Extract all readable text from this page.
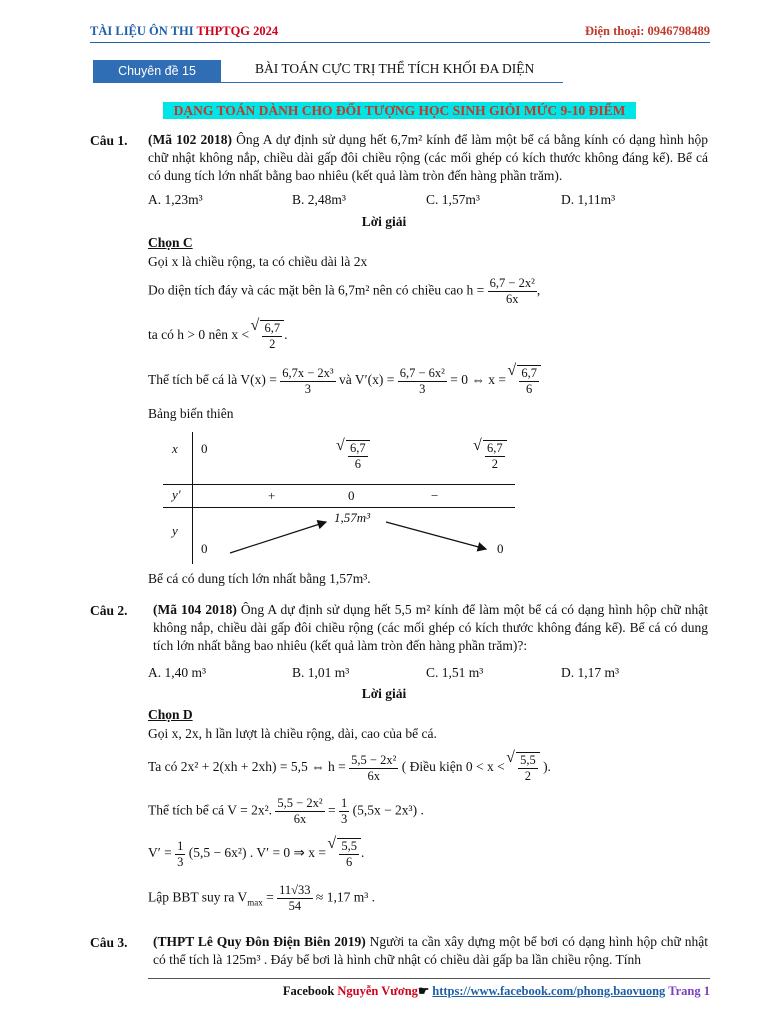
TÀI LIỆU ÔN THI THPTQG 2024	Điện thoại: 0946798489
Chuyên đề 15	BÀI TOÁN CỰC TRỊ THỂ TÍCH KHỐI ĐA DIỆN
DẠNG TOÁN DÀNH CHO ĐỐI TƯỢNG HỌC SINH GIỎI MỨC 9-10 ĐIỂM
Câu 1. (Mã 102 2018) Ông A dự định sử dụng hết 6,7m² kính để làm một bể cá bằng kính có dạng hình hộp chữ nhật không nắp, chiều dài gấp đôi chiều rộng (các mối ghép có kích thước không đáng kể). Bể cá có dung tích lớn nhất bằng bao nhiêu (kết quả làm tròn đến hàng phần trăm).
A. 1,23m³	B. 2,48m³	C. 1,57m³	D. 1,11m³
Lời giải
Chọn C
Gọi x là chiều rộng, ta có chiều dài là 2x
Do diện tích đáy và các mặt bên là 6,7m² nên có chiều cao $h = \frac{\text{6,7 − 2x²}}{6x}$ ,
ta có h > 0 nên x < √ $\frac{6,7}{2}$ .
Thể tích bể cá là $V(x) = \frac{\text{6,7x − 2x³}}{3}$ và $V'(x) = \frac{\text{6,7 − 6x²}}{3} = 0$ ⇔ x = √ $\frac{6,7}{6}$
Bảng biến thiên
x 0	√ $\frac{6,7}{6}$	√ $\frac{6,7}{2}$
y′	+	0	−
y
1,57m³
0	0
Bể cá có dung tích lớn nhất bằng 1,57m³.
Câu 2. (Mã 104 2018) Ông A dự định sử dụng hết 5,5 m² kính để làm một bể cá có dạng hình hộp chữ nhật không nắp, chiều dài gấp đôi chiều rộng (các mối ghép có kích thước không đáng kể). Bể cá có dung tích lớn nhất bằng bao nhiêu (kết quả làm tròn đến hàng phần trăm)?:
A. 1,40 m³	B. 1,01 m³	C. 1,51 m³	D. 1,17 m³
Lời giải
Chọn D
Gọi x, 2x, h lần lượt là chiều rộng, dài, cao của bể cá.
Ta có 2x² + 2(xh + 2xh) = 5,5 ⇔ $h = \frac{\text{5,5 − 2x²}}{6x}$ ( Điều kiện 0 < x < √ $\frac{5,5}{2}$ ).
Thể tích bể cá V = 2x². $\frac{\text{5,5 − 2x²}}{6x} = \frac{1}{3} (5,5x - 2x^3)$ .
$V' = \frac{1}{3} (5,5 - 6x^2)$ . V′ = 0 ⇒ x = √ $\frac{5,5}{6}$ .
Lập BBT suy ra $V_{max} = \frac{11√33}{54} \approx 1,17$ m³ .
Câu 3. (THPT Lê Quy Đôn Điện Biên 2019) Người ta cần xây dựng một bể bơi có dạng hình hộp chữ nhật có thể tích là 125m³ . Đáy bể bơi là hình chữ nhật có chiều dài gấp ba lần chiều rộng. Tính
Facebook Nguyễn Vương☛ https://www.facebook.com/phong.baovuong Trang 1
